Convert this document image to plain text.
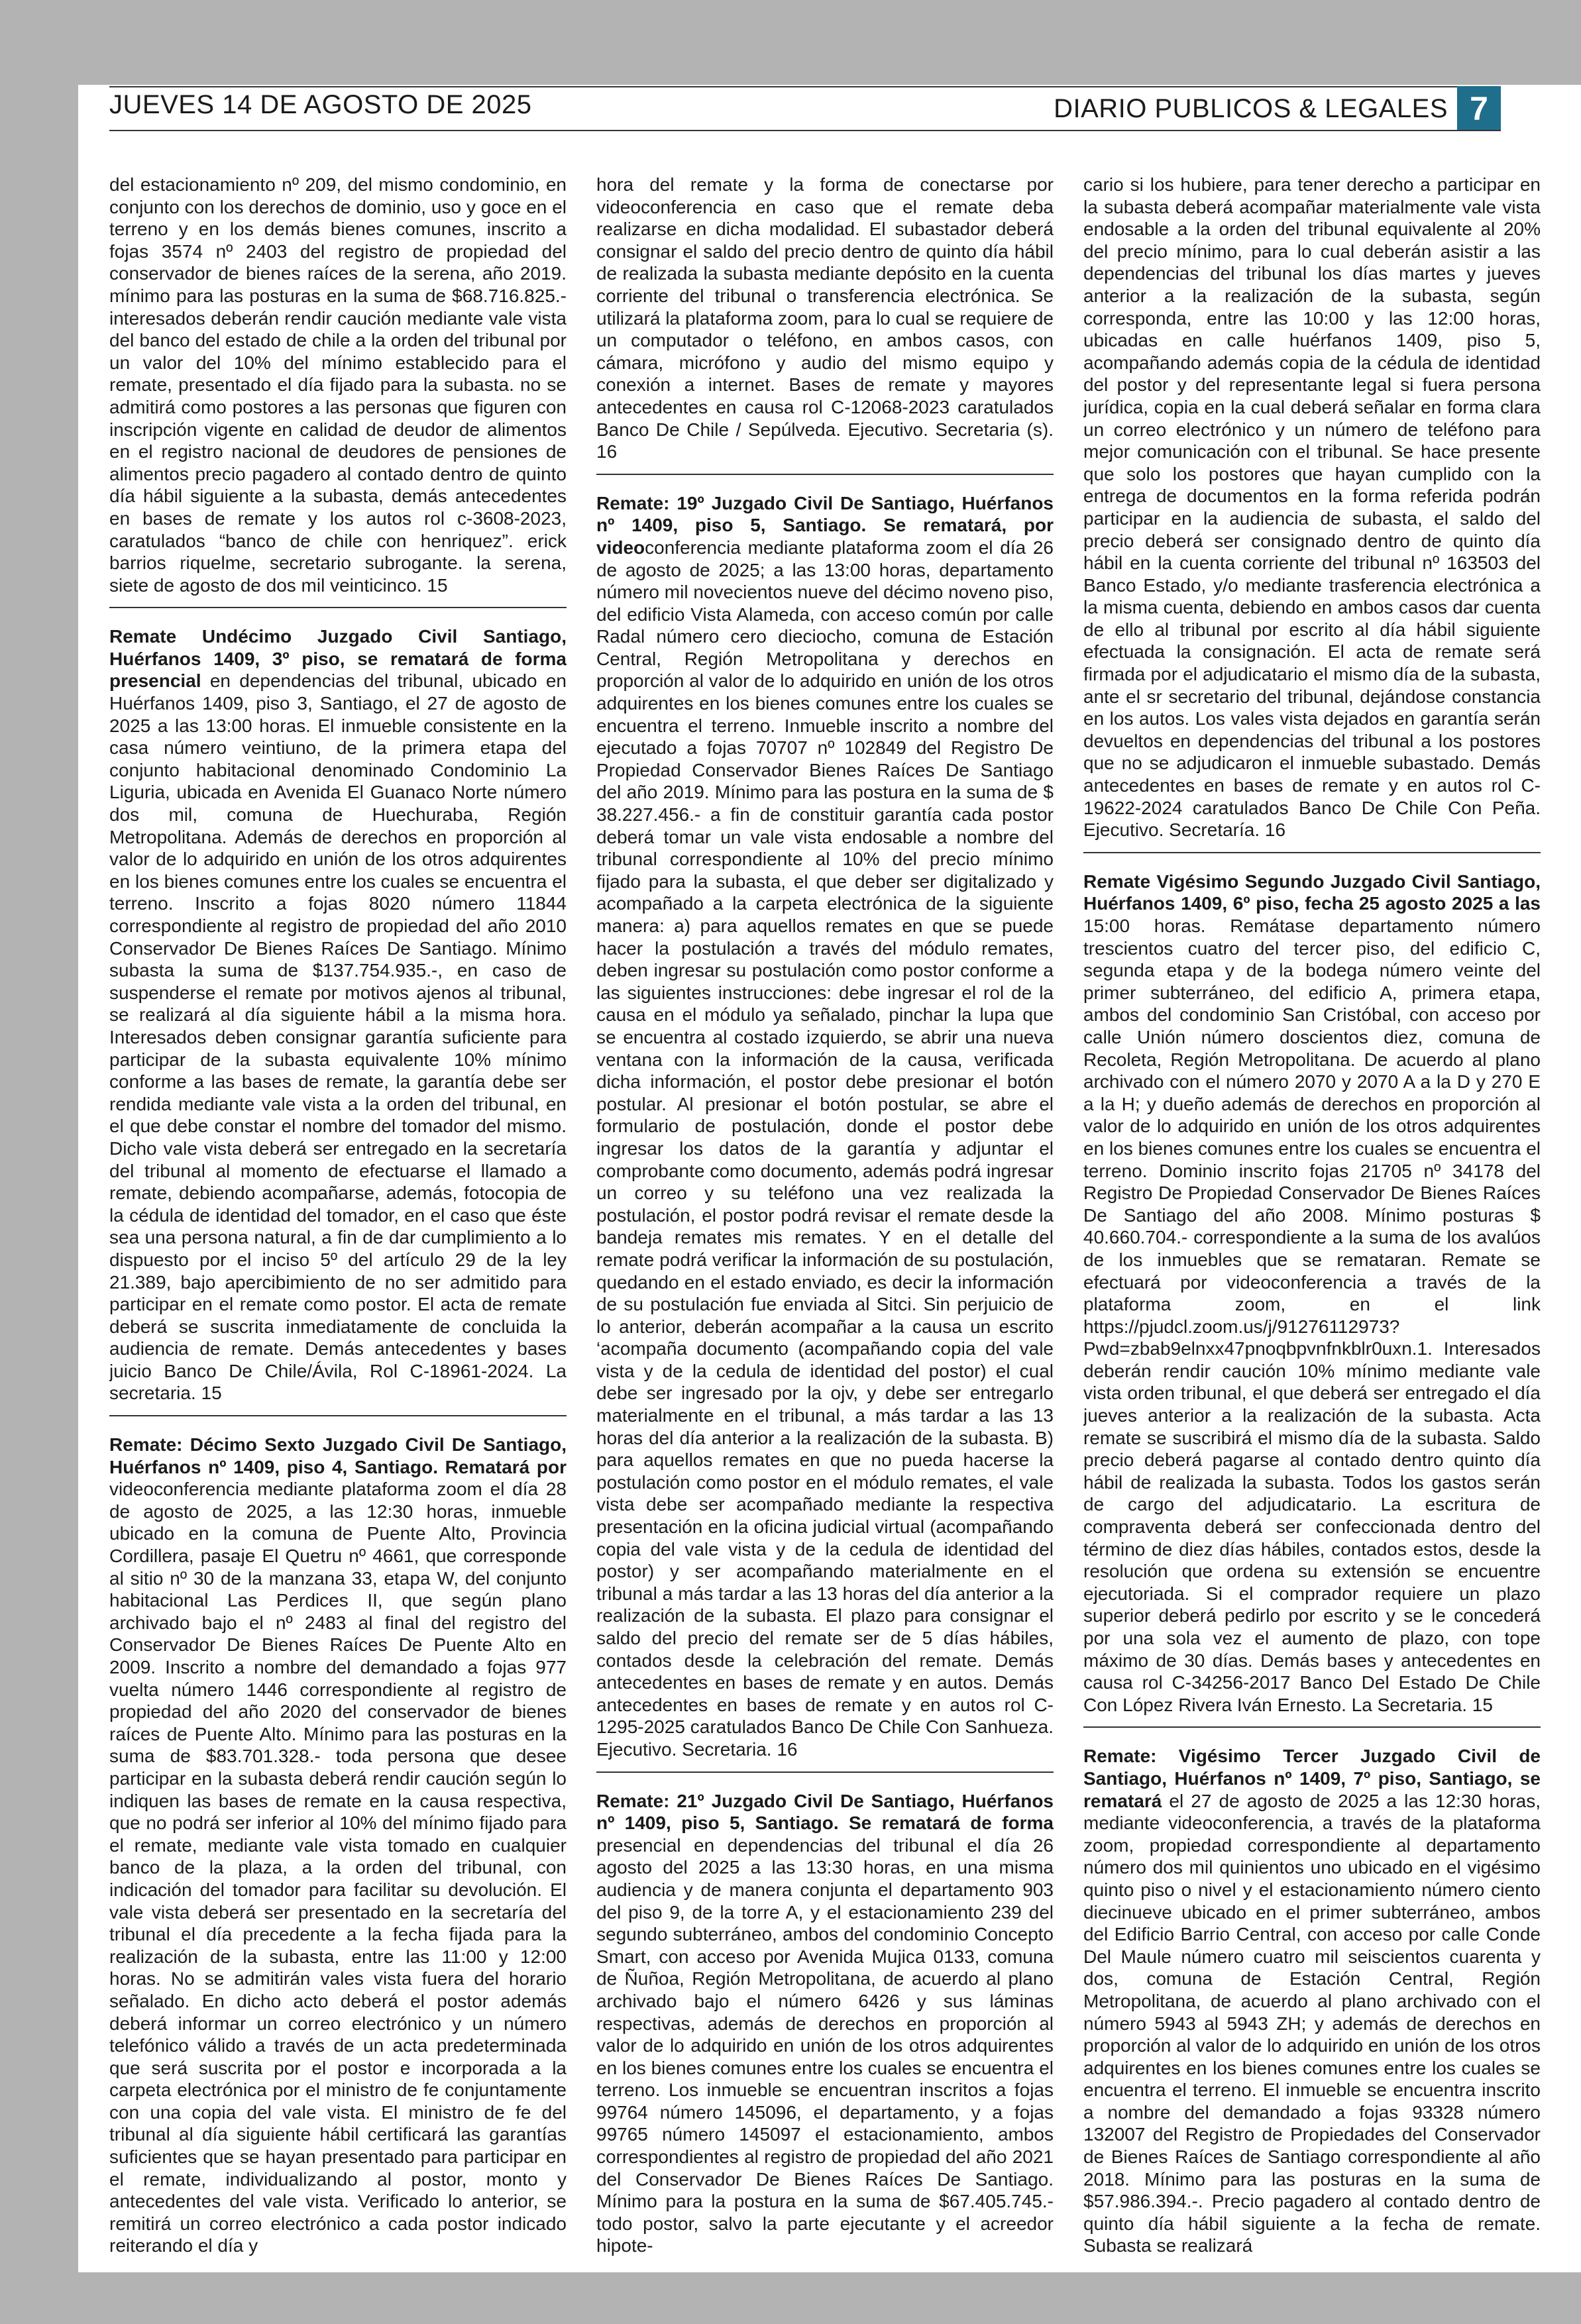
JUEVES 14 DE AGOSTO DE 2025	DIARIO PUBLICOS & LEGALES 7

del estacionamiento nº 209, del mismo condominio, en conjunto con los derechos de dominio, uso y goce en el terreno y en los demás bienes comunes, inscrito a fojas 3574 nº 2403 del registro de propiedad del conservador de bienes raíces de la serena, año 2019. mínimo para las posturas en la suma de $68.716.825.- interesados deberán rendir caución mediante vale vista del banco del estado de chile a la orden del tribunal por un valor del 10% del mínimo establecido para el remate, presentado el día fijado para la subasta. no se admitirá como postores a las personas que figuren con inscripción vigente en calidad de deudor de alimentos en el registro nacional de deudores de pensiones de alimentos precio pagadero al contado dentro de quinto día hábil siguiente a la subasta, demás antecedentes en bases de remate y los autos rol c-3608-2023, caratulados “banco de chile con henriquez”. erick barrios riquelme, secretario subrogante. la serena, siete de agosto de dos mil veinticinco. 15

Remate Undécimo Juzgado Civil Santiago, Huérfanos 1409, 3º piso, se rematará de forma presencial en dependencias del tribunal, ubicado en Huérfanos 1409, piso 3, Santiago, el 27 de agosto de 2025 a las 13:00 horas. El inmueble consistente en la casa número veintiuno, de la primera etapa del conjunto habitacional denominado Condominio La Liguria, ubicada en Avenida El Guanaco Norte número dos mil, comuna de Huechuraba, Región Metropolitana. Además de derechos en proporción al valor de lo adquirido en unión de los otros adquirentes en los bienes comunes entre los cuales se encuentra el terreno. Inscrito a fojas 8020 número 11844 correspondiente al registro de propiedad del año 2010 Conservador De Bienes Raíces De Santiago. Mínimo subasta la suma de $137.754.935.-, en caso de suspenderse el remate por motivos ajenos al tribunal, se realizará al día siguiente hábil a la misma hora. Interesados deben consignar garantía suficiente para participar de la subasta equivalente 10% mínimo conforme a las bases de remate, la garantía debe ser rendida mediante vale vista a la orden del tribunal, en el que debe constar el nombre del tomador del mismo. Dicho vale vista deberá ser entregado en la secretaría del tribunal al momento de efectuarse el llamado a remate, debiendo acompañarse, además, fotocopia de la cédula de identidad del tomador, en el caso que éste sea una persona natural, a fin de dar cumplimiento a lo dispuesto por el inciso 5º del artículo 29 de la ley 21.389, bajo apercibimiento de no ser admitido para participar en el remate como postor. El acta de remate deberá se suscrita inmediatamente de concluida la audiencia de remate. Demás antecedentes y bases juicio Banco De Chile/Ávila, Rol C-18961-2024. La secretaria. 15

Remate: Décimo Sexto Juzgado Civil De Santiago, Huérfanos nº 1409, piso 4, Santiago. Rematará por videoconferencia mediante plataforma zoom el día 28 de agosto de 2025, a las 12:30 horas, inmueble ubicado en la comuna de Puente Alto, Provincia Cordillera, pasaje El Quetru nº 4661, que corresponde al sitio nº 30 de la manzana 33, etapa W, del conjunto habitacional Las Perdices II, que según plano archivado bajo el nº 2483 al final del registro del Conservador De Bienes Raíces De Puente Alto en 2009. Inscrito a nombre del demandado a fojas 977 vuelta número 1446 correspondiente al registro de propiedad del año 2020 del conservador de bienes raíces de Puente Alto. Mínimo para las posturas en la suma de $83.701.328.- toda persona que desee participar en la subasta deberá rendir caución según lo indiquen las bases de remate en la causa respectiva, que no podrá ser inferior al 10% del mínimo fijado para el remate, mediante vale vista tomado en cualquier banco de la plaza, a la orden del tribunal, con indicación del tomador para facilitar su devolución. El vale vista deberá ser presentado en la secretaría del tribunal el día precedente a la fecha fijada para la realización de la subasta, entre las 11:00 y 12:00 horas. No se admitirán vales vista fuera del horario señalado. En dicho acto deberá el postor además deberá informar un correo electrónico y un número telefónico válido a través de un acta predeterminada que será suscrita por el postor e incorporada a la carpeta electrónica por el ministro de fe conjuntamente con una copia del vale vista. El ministro de fe del tribunal al día siguiente hábil certificará las garantías suficientes que se hayan presentado para participar en el remate, individualizando al postor, monto y antecedentes del vale vista. Verificado lo anterior, se remitirá un correo electrónico a cada postor indicado reiterando el día y

hora del remate y la forma de conectarse por videoconferencia en caso que el remate deba realizarse en dicha modalidad. El subastador deberá consignar el saldo del precio dentro de quinto día hábil de realizada la subasta mediante depósito en la cuenta corriente del tribunal o transferencia electrónica. Se utilizará la plataforma zoom, para lo cual se requiere de un computador o teléfono, en ambos casos, con cámara, micrófono y audio del mismo equipo y conexión a internet. Bases de remate y mayores antecedentes en causa rol C-12068-2023 caratulados Banco De Chile / Sepúlveda. Ejecutivo. Secretaria (s). 16

Remate: 19º Juzgado Civil De Santiago, Huérfanos nº 1409, piso 5, Santiago. Se rematará, por videoconferencia mediante plataforma zoom el día 26 de agosto de 2025; a las 13:00 horas, departamento número mil novecientos nueve del décimo noveno piso, del edificio Vista Alameda, con acceso común por calle Radal número cero dieciocho, comuna de Estación Central, Región Metropolitana y derechos en proporción al valor de lo adquirido en unión de los otros adquirentes en los bienes comunes entre los cuales se encuentra el terreno. Inmueble inscrito a nombre del ejecutado a fojas 70707 nº 102849 del Registro De Propiedad Conservador Bienes Raíces De Santiago del año 2019. Mínimo para las postura en la suma de $ 38.227.456.- a fin de constituir garantía cada postor deberá tomar un vale vista endosable a nombre del tribunal correspondiente al 10% del precio mínimo fijado para la subasta, el que deber ser digitalizado y acompañado a la carpeta electrónica de la siguiente manera: a) para aquellos remates en que se puede hacer la postulación a través del módulo remates, deben ingresar su postulación como postor conforme a las siguientes instrucciones: debe ingresar el rol de la causa en el módulo ya señalado, pinchar la lupa que se encuentra al costado izquierdo, se abrir una nueva ventana con la información de la causa, verificada dicha información, el postor debe presionar el botón postular. Al presionar el botón postular, se abre el formulario de postulación, donde el postor debe ingresar los datos de la garantía y adjuntar el comprobante como documento, además podrá ingresar un correo y su teléfono una vez realizada la postulación, el postor podrá revisar el remate desde la bandeja remates mis remates. Y en el detalle del remate podrá verificar la información de su postulación, quedando en el estado enviado, es decir la información de su postulación fue enviada al Sitci. Sin perjuicio de lo anterior, deberán acompañar a la causa un escrito ‘acompaña documento (acompañando copia del vale vista y de la cedula de identidad del postor) el cual debe ser ingresado por la ojv, y debe ser entregarlo materialmente en el tribunal, a más tardar a las 13 horas del día anterior a la realización de la subasta. B) para aquellos remates en que no pueda hacerse la postulación como postor en el módulo remates, el vale vista debe ser acompañado mediante la respectiva presentación en la oficina judicial virtual (acompañando copia del vale vista y de la cedula de identidad del postor) y ser acompañando materialmente en el tribunal a más tardar a las 13 horas del día anterior a la realización de la subasta. El plazo para consignar el saldo del precio del remate ser de 5 días hábiles, contados desde la celebración del remate. Demás antecedentes en bases de remate y en autos. Demás antecedentes en bases de remate y en autos rol C-1295-2025 caratulados Banco De Chile Con Sanhueza. Ejecutivo. Secretaria. 16

Remate: 21º Juzgado Civil De Santiago, Huérfanos nº 1409, piso 5, Santiago. Se rematará de forma presencial en dependencias del tribunal el día 26 agosto del 2025 a las 13:30 horas, en una misma audiencia y de manera conjunta el departamento 903 del piso 9, de la torre A, y el estacionamiento 239 del segundo subterráneo, ambos del condominio Concepto Smart, con acceso por Avenida Mujica 0133, comuna de Ñuñoa, Región Metropolitana, de acuerdo al plano archivado bajo el número 6426 y sus láminas respectivas, además de derechos en proporción al valor de lo adquirido en unión de los otros adquirentes en los bienes comunes entre los cuales se encuentra el terreno. Los inmueble se encuentran inscritos a fojas 99764 número 145096, el departamento, y a fojas 99765 número 145097 el estacionamiento, ambos correspondientes al registro de propiedad del año 2021 del Conservador De Bienes Raíces De Santiago. Mínimo para la postura en la suma de $67.405.745.- todo postor, salvo la parte ejecutante y el acreedor hipote-

cario si los hubiere, para tener derecho a participar en la subasta deberá acompañar materialmente vale vista endosable a la orden del tribunal equivalente al 20% del precio mínimo, para lo cual deberán asistir a las dependencias del tribunal los días martes y jueves anterior a la realización de la subasta, según corresponda, entre las 10:00 y las 12:00 horas, ubicadas en calle huérfanos 1409, piso 5, acompañando además copia de la cédula de identidad del postor y del representante legal si fuera persona jurídica, copia en la cual deberá señalar en forma clara un correo electrónico y un número de teléfono para mejor comunicación con el tribunal. Se hace presente que solo los postores que hayan cumplido con la entrega de documentos en la forma referida podrán participar en la audiencia de subasta, el saldo del precio deberá ser consignado dentro de quinto día hábil en la cuenta corriente del tribunal nº 163503 del Banco Estado, y/o mediante trasferencia electrónica a la misma cuenta, debiendo en ambos casos dar cuenta de ello al tribunal por escrito al día hábil siguiente efectuada la consignación. El acta de remate será firmada por el adjudicatario el mismo día de la subasta, ante el sr secretario del tribunal, dejándose constancia en los autos. Los vales vista dejados en garantía serán devueltos en dependencias del tribunal a los postores que no se adjudicaron el inmueble subastado. Demás antecedentes en bases de remate y en autos rol C-19622-2024 caratulados Banco De Chile Con Peña. Ejecutivo. Secretaría. 16

Remate Vigésimo Segundo Juzgado Civil Santiago, Huérfanos 1409, 6º piso, fecha 25 agosto 2025 a las 15:00 horas. Remátase departamento número trescientos cuatro del tercer piso, del edificio C, segunda etapa y de la bodega número veinte del primer subterráneo, del edificio A, primera etapa, ambos del condominio San Cristóbal, con acceso por calle Unión número doscientos diez, comuna de Recoleta, Región Metropolitana. De acuerdo al plano archivado con el número 2070 y 2070 A a la D y 270 E a la H; y dueño además de derechos en proporción al valor de lo adquirido en unión de los otros adquirentes en los bienes comunes entre los cuales se encuentra el terreno. Dominio inscrito fojas 21705 nº 34178 del Registro De Propiedad Conservador De Bienes Raíces De Santiago del año 2008. Mínimo posturas $ 40.660.704.- correspondiente a la suma de los avalúos de los inmuebles que se remataran. Remate se efectuará por videoconferencia a través de la plataforma zoom, en el link https://pjudcl.zoom.us/j/91276112973?Pwd=zbab9elnxx47pnoqbpvnfnkblr0uxn.1. Interesados deberán rendir caución 10% mínimo mediante vale vista orden tribunal, el que deberá ser entregado el día jueves anterior a la realización de la subasta. Acta remate se suscribirá el mismo día de la subasta. Saldo precio deberá pagarse al contado dentro quinto día hábil de realizada la subasta. Todos los gastos serán de cargo del adjudicatario. La escritura de compraventa deberá ser confeccionada dentro del término de diez días hábiles, contados estos, desde la resolución que ordena su extensión se encuentre ejecutoriada. Si el comprador requiere un plazo superior deberá pedirlo por escrito y se le concederá por una sola vez el aumento de plazo, con tope máximo de 30 días. Demás bases y antecedentes en causa rol C-34256-2017 Banco Del Estado De Chile Con López Rivera Iván Ernesto. La Secretaria. 15

Remate: Vigésimo Tercer Juzgado Civil de Santiago, Huérfanos nº 1409, 7º piso, Santiago, se rematará el 27 de agosto de 2025 a las 12:30 horas, mediante videoconferencia, a través de la plataforma zoom, propiedad correspondiente al departamento número dos mil quinientos uno ubicado en el vigésimo quinto piso o nivel y el estacionamiento número ciento diecinueve ubicado en el primer subterráneo, ambos del Edificio Barrio Central, con acceso por calle Conde Del Maule número cuatro mil seiscientos cuarenta y dos, comuna de Estación Central, Región Metropolitana, de acuerdo al plano archivado con el número 5943 al 5943 ZH; y además de derechos en proporción al valor de lo adquirido en unión de los otros adquirentes en los bienes comunes entre los cuales se encuentra el terreno. El inmueble se encuentra inscrito a nombre del demandado a fojas 93328 número 132007 del Registro de Propiedades del Conservador de Bienes Raíces de Santiago correspondiente al año 2018. Mínimo para las posturas en la suma de $57.986.394.-. Precio pagadero al contado dentro de quinto día hábil siguiente a la fecha de remate. Subasta se realizará
